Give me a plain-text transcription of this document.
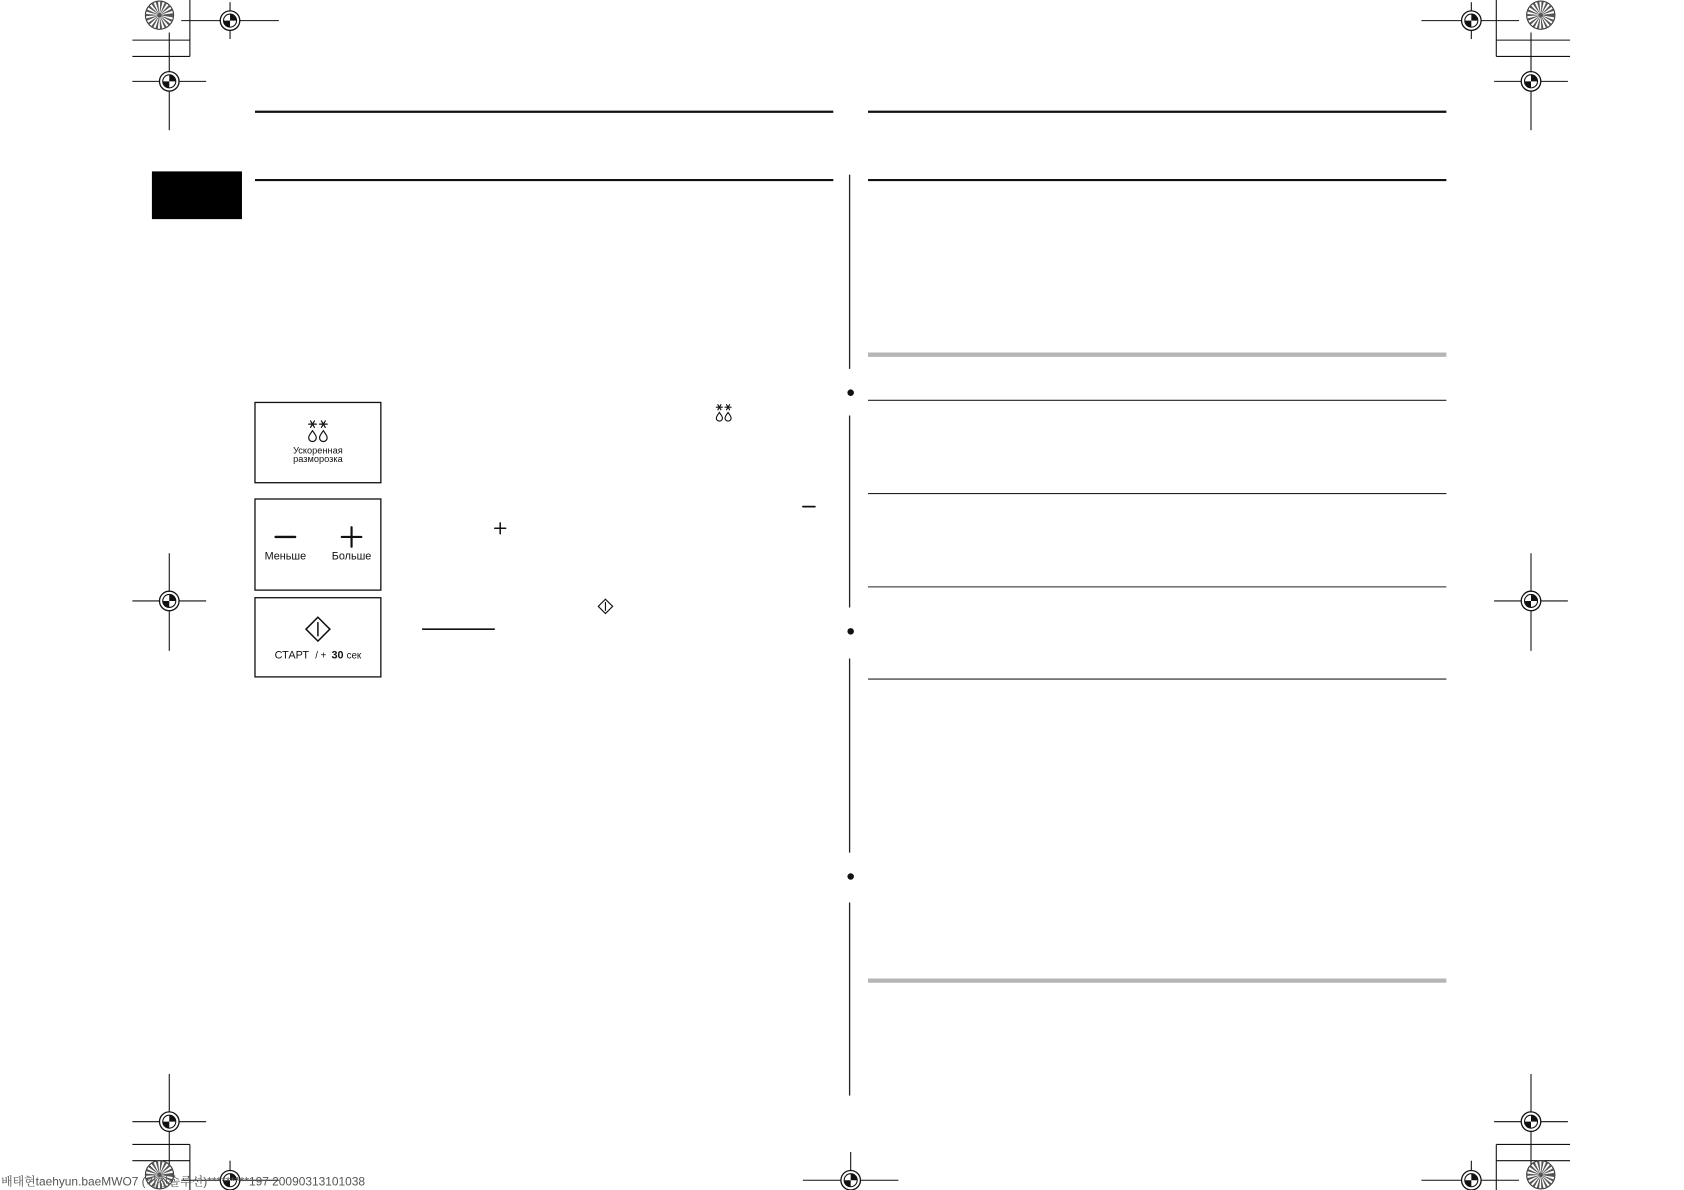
Ускоренная
разморозка
Меньше	Больше
СТАРТ / + 30 сек
배태현taehyun.baeMWO7 (키친솔루션)*********197 20090313101038
